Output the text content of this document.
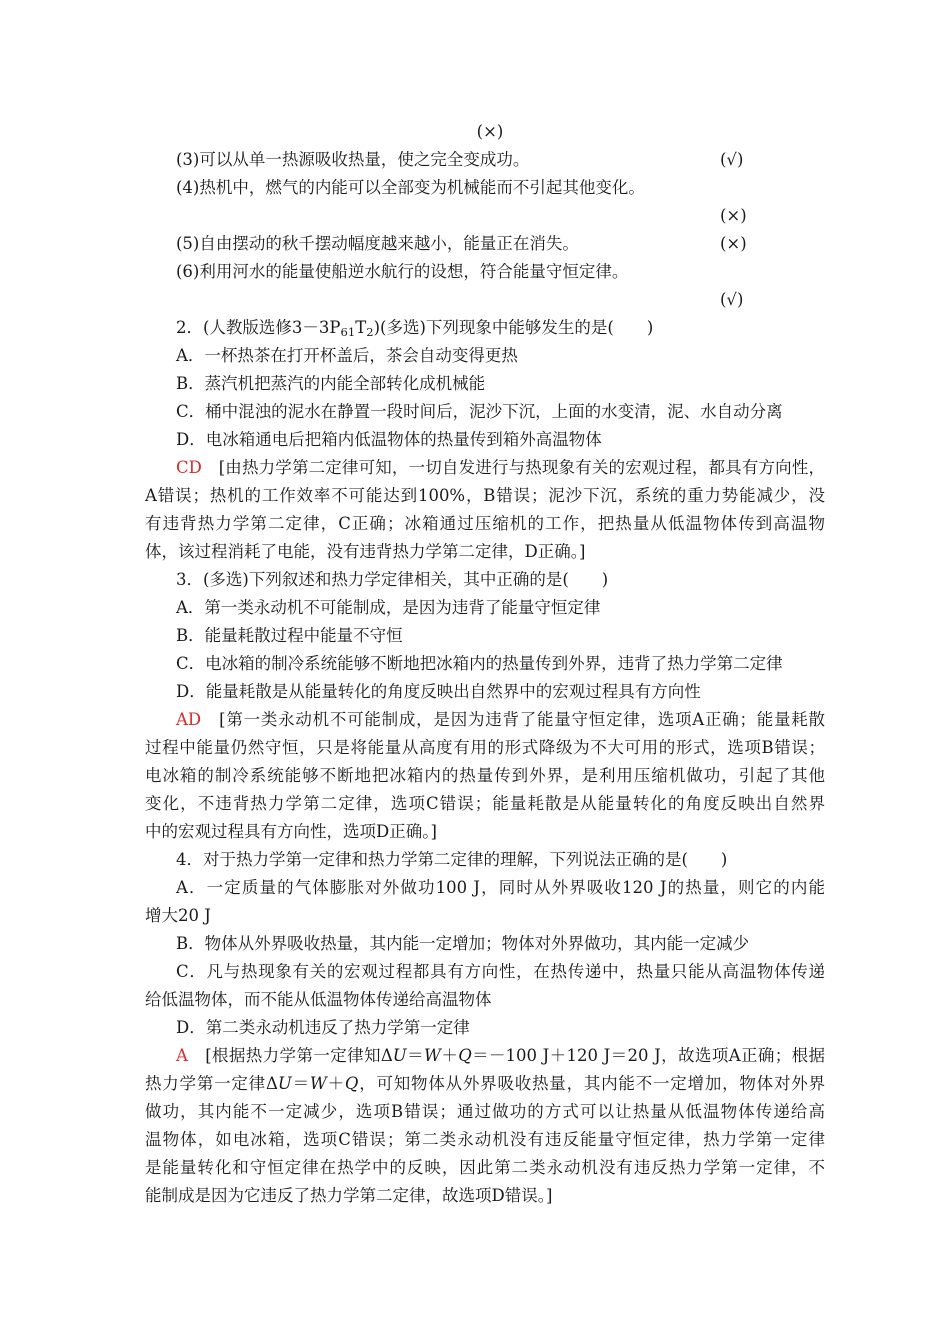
(×)
(3)可以从单一热源吸收热量，使之完全变成功。	(√)
(4)热机中，燃气的内能可以全部变为机械能而不引起其他变化。
(×)
(5)自由摆动的秋千摆动幅度越来越小，能量正在消失。	(×)
(6)利用河水的能量使船逆水航行的设想，符合能量守恒定律。
(√)
2．(人教版选修$3-3P_{61}T_2$)(多选)下列现象中能够发生的是(　　)
A．一杯热茶在打开杯盖后，茶会自动变得更热
B．蒸汽机把蒸汽的内能全部转化成机械能
C．桶中混浊的泥水在静置一段时间后，泥沙下沉，上面的水变清，泥、水自动分离
D．电冰箱通电后把箱内低温物体的热量传到箱外高温物体
CD　 [由热力学第二定律可知，一切自发进行与热现象有关的宏观过程，都具有方向性，
A错误；热机的工作效率不可能达到100%，B错误；泥沙下沉，系统的重力势能减少，没
有违背热力学第二定律，C正确；冰箱通过压缩机的工作，把热量从低温物体传到高温物
体，该过程消耗了电能，没有违背热力学第二定律，D正确。]
3．(多选)下列叙述和热力学定律相关，其中正确的是(　　)
A．第一类永动机不可能制成，是因为违背了能量守恒定律
B．能量耗散过程中能量不守恒
C．电冰箱的制冷系统能够不断地把冰箱内的热量传到外界，违背了热力学第二定律
D．能量耗散是从能量转化的角度反映出自然界中的宏观过程具有方向性
AD　 [第一类永动机不可能制成，是因为违背了能量守恒定律，选项A正确；能量耗散
过程中能量仍然守恒，只是将能量从高度有用的形式降级为不大可用的形式，选项B错误；
电冰箱的制冷系统能够不断地把冰箱内的热量传到外界，是利用压缩机做功，引起了其他
变化，不违背热力学第二定律，选项C错误；能量耗散是从能量转化的角度反映出自然界
中的宏观过程具有方向性，选项D正确。]
4．对于热力学第一定律和热力学第二定律的理解，下列说法正确的是(　　)
A．一定质量的气体膨胀对外做功100 J，同时从外界吸收120 J的热量，则它的内能
增大20 J
B．物体从外界吸收热量，其内能一定增加；物体对外界做功，其内能一定减少
C．凡与热现象有关的宏观过程都具有方向性，在热传递中，热量只能从高温物体传递
给低温物体，而不能从低温物体传递给高温物体
D．第二类永动机违反了热力学第一定律
A　 [根据热力学第一定律知ΔU＝W＋Q＝－100 J＋120 J＝20 J，故选项A正确；根据
热力学第一定律ΔU＝W＋Q，可知物体从外界吸收热量，其内能不一定增加，物体对外界
做功，其内能不一定减少，选项B错误；通过做功的方式可以让热量从低温物体传递给高
温物体，如电冰箱，选项C错误；第二类永动机没有违反能量守恒定律，热力学第一定律
是能量转化和守恒定律在热学中的反映，因此第二类永动机没有违反热力学第一定律，不
能制成是因为它违反了热力学第二定律，故选项D错误。]
